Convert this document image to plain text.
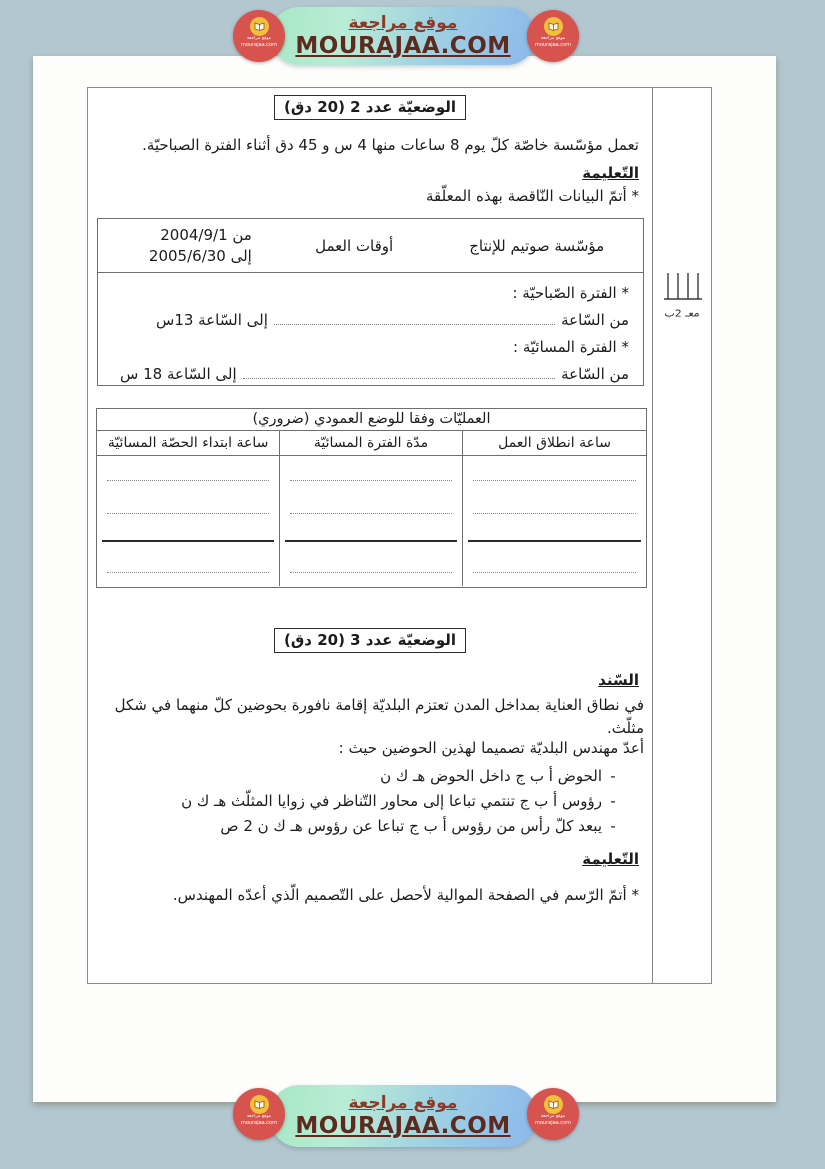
الوضعيّة عدد 2 (20 دق)
تعمل مؤسّسة خاصّة كلّ يوم 8 ساعات منها 4 س و 45 دق أثناء الفترة الصباحيّة.
التّعليمة
* أتمّ البيانات النّاقصة بهذه المعلّقة
مؤسّسة صوتيم للإنتاج
أوقات العمل
من 2004/9/1
إلى 2005/6/30
* الفترة الصّباحيّة :
من السّاعة
إلى السّاعة 13س
* الفترة المسائيّة :
من السّاعة
إلى السّاعة 18 س
العمليّات وفقا للوضع العمودي (ضروري)
ساعة انطلاق العمل
مدّة الفترة المسائيّة
ساعة ابتداء الحصّة المسائيّة
الوضعيّة عدد 3 (20 دق)
السّند
في نطاق العناية بمداخل المدن تعتزم البلديّة إقامة نافورة بحوضين كلّ منهما في شكل مثلّث.
أعدّ مهندس البلديّة تصميما لهذين الحوضين حيث :
-
الحوض أ ب ج داخل الحوض هـ ك ن
-
رؤوس أ ب ج تنتمي تباعا إلى محاور التّناظر في زوايا المثلّث هـ ك ن
-
يبعد كلّ رأس من رؤوس أ ب ج تباعا عن رؤوس هـ ك ن 2 ص
التّعليمة
* أتمّ الرّسم في الصفحة الموالية لأحصل على التّصميم الّذي أعدّه المهندس.
معـ 2ب
موقع مراجعة
MOURAJAA.COM
موقع مراجعة
mourajaa.com
موقع مراجعة
mourajaa.com
موقع مراجعة
MOURAJAA.COM
موقع مراجعة
mourajaa.com
موقع مراجعة
mourajaa.com
